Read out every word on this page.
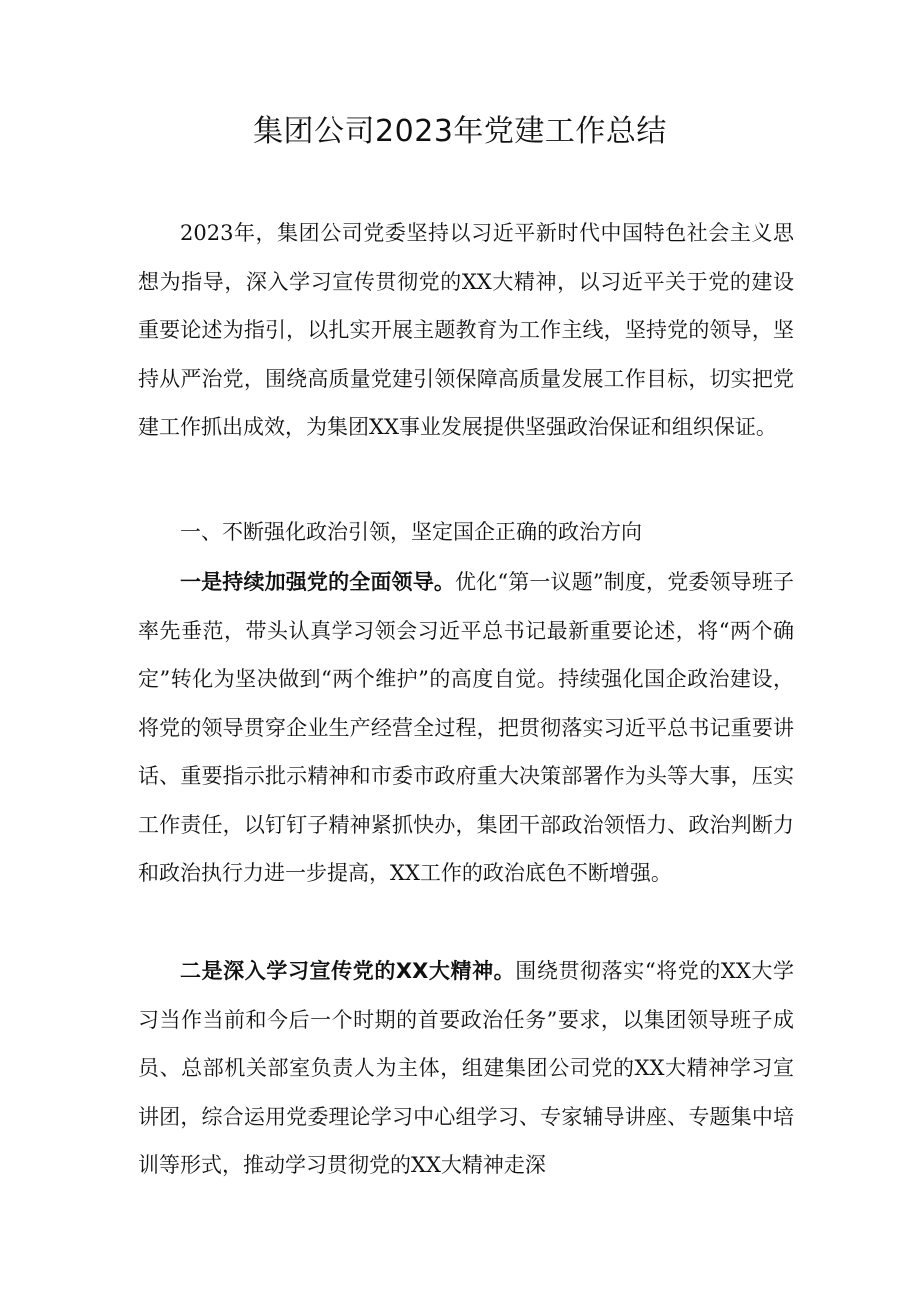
集团公司2023年党建工作总结

2023年，集团公司党委坚持以习近平新时代中国特色社会主义思想为指导，深入学习宣传贯彻党的XX大精神，以习近平关于党的建设重要论述为指引，以扎实开展主题教育为工作主线，坚持党的领导，坚持从严治党，围绕高质量党建引领保障高质量发展工作目标，切实把党建工作抓出成效，为集团XX事业发展提供坚强政治保证和组织保证。

一、不断强化政治引领，坚定国企正确的政治方向

一是持续加强党的全面领导。优化“第一议题”制度，党委领导班子率先垂范，带头认真学习领会习近平总书记最新重要论述，将“两个确定”转化为坚决做到“两个维护”的高度自觉。持续强化国企政治建设，将党的领导贯穿企业生产经营全过程，把贯彻落实习近平总书记重要讲话、重要指示批示精神和市委市政府重大决策部署作为头等大事，压实工作责任，以钉钉子精神紧抓快办，集团干部政治领悟力、政治判断力和政治执行力进一步提高，XX工作的政治底色不断增强。

二是深入学习宣传党的XX大精神。围绕贯彻落实“将党的XX大学习当作当前和今后一个时期的首要政治任务”要求，以集团领导班子成员、总部机关部室负责人为主体，组建集团公司党的XX大精神学习宣讲团，综合运用党委理论学习中心组学习、专家辅导讲座、专题集中培训等形式，推动学习贯彻党的XX大精神走深
